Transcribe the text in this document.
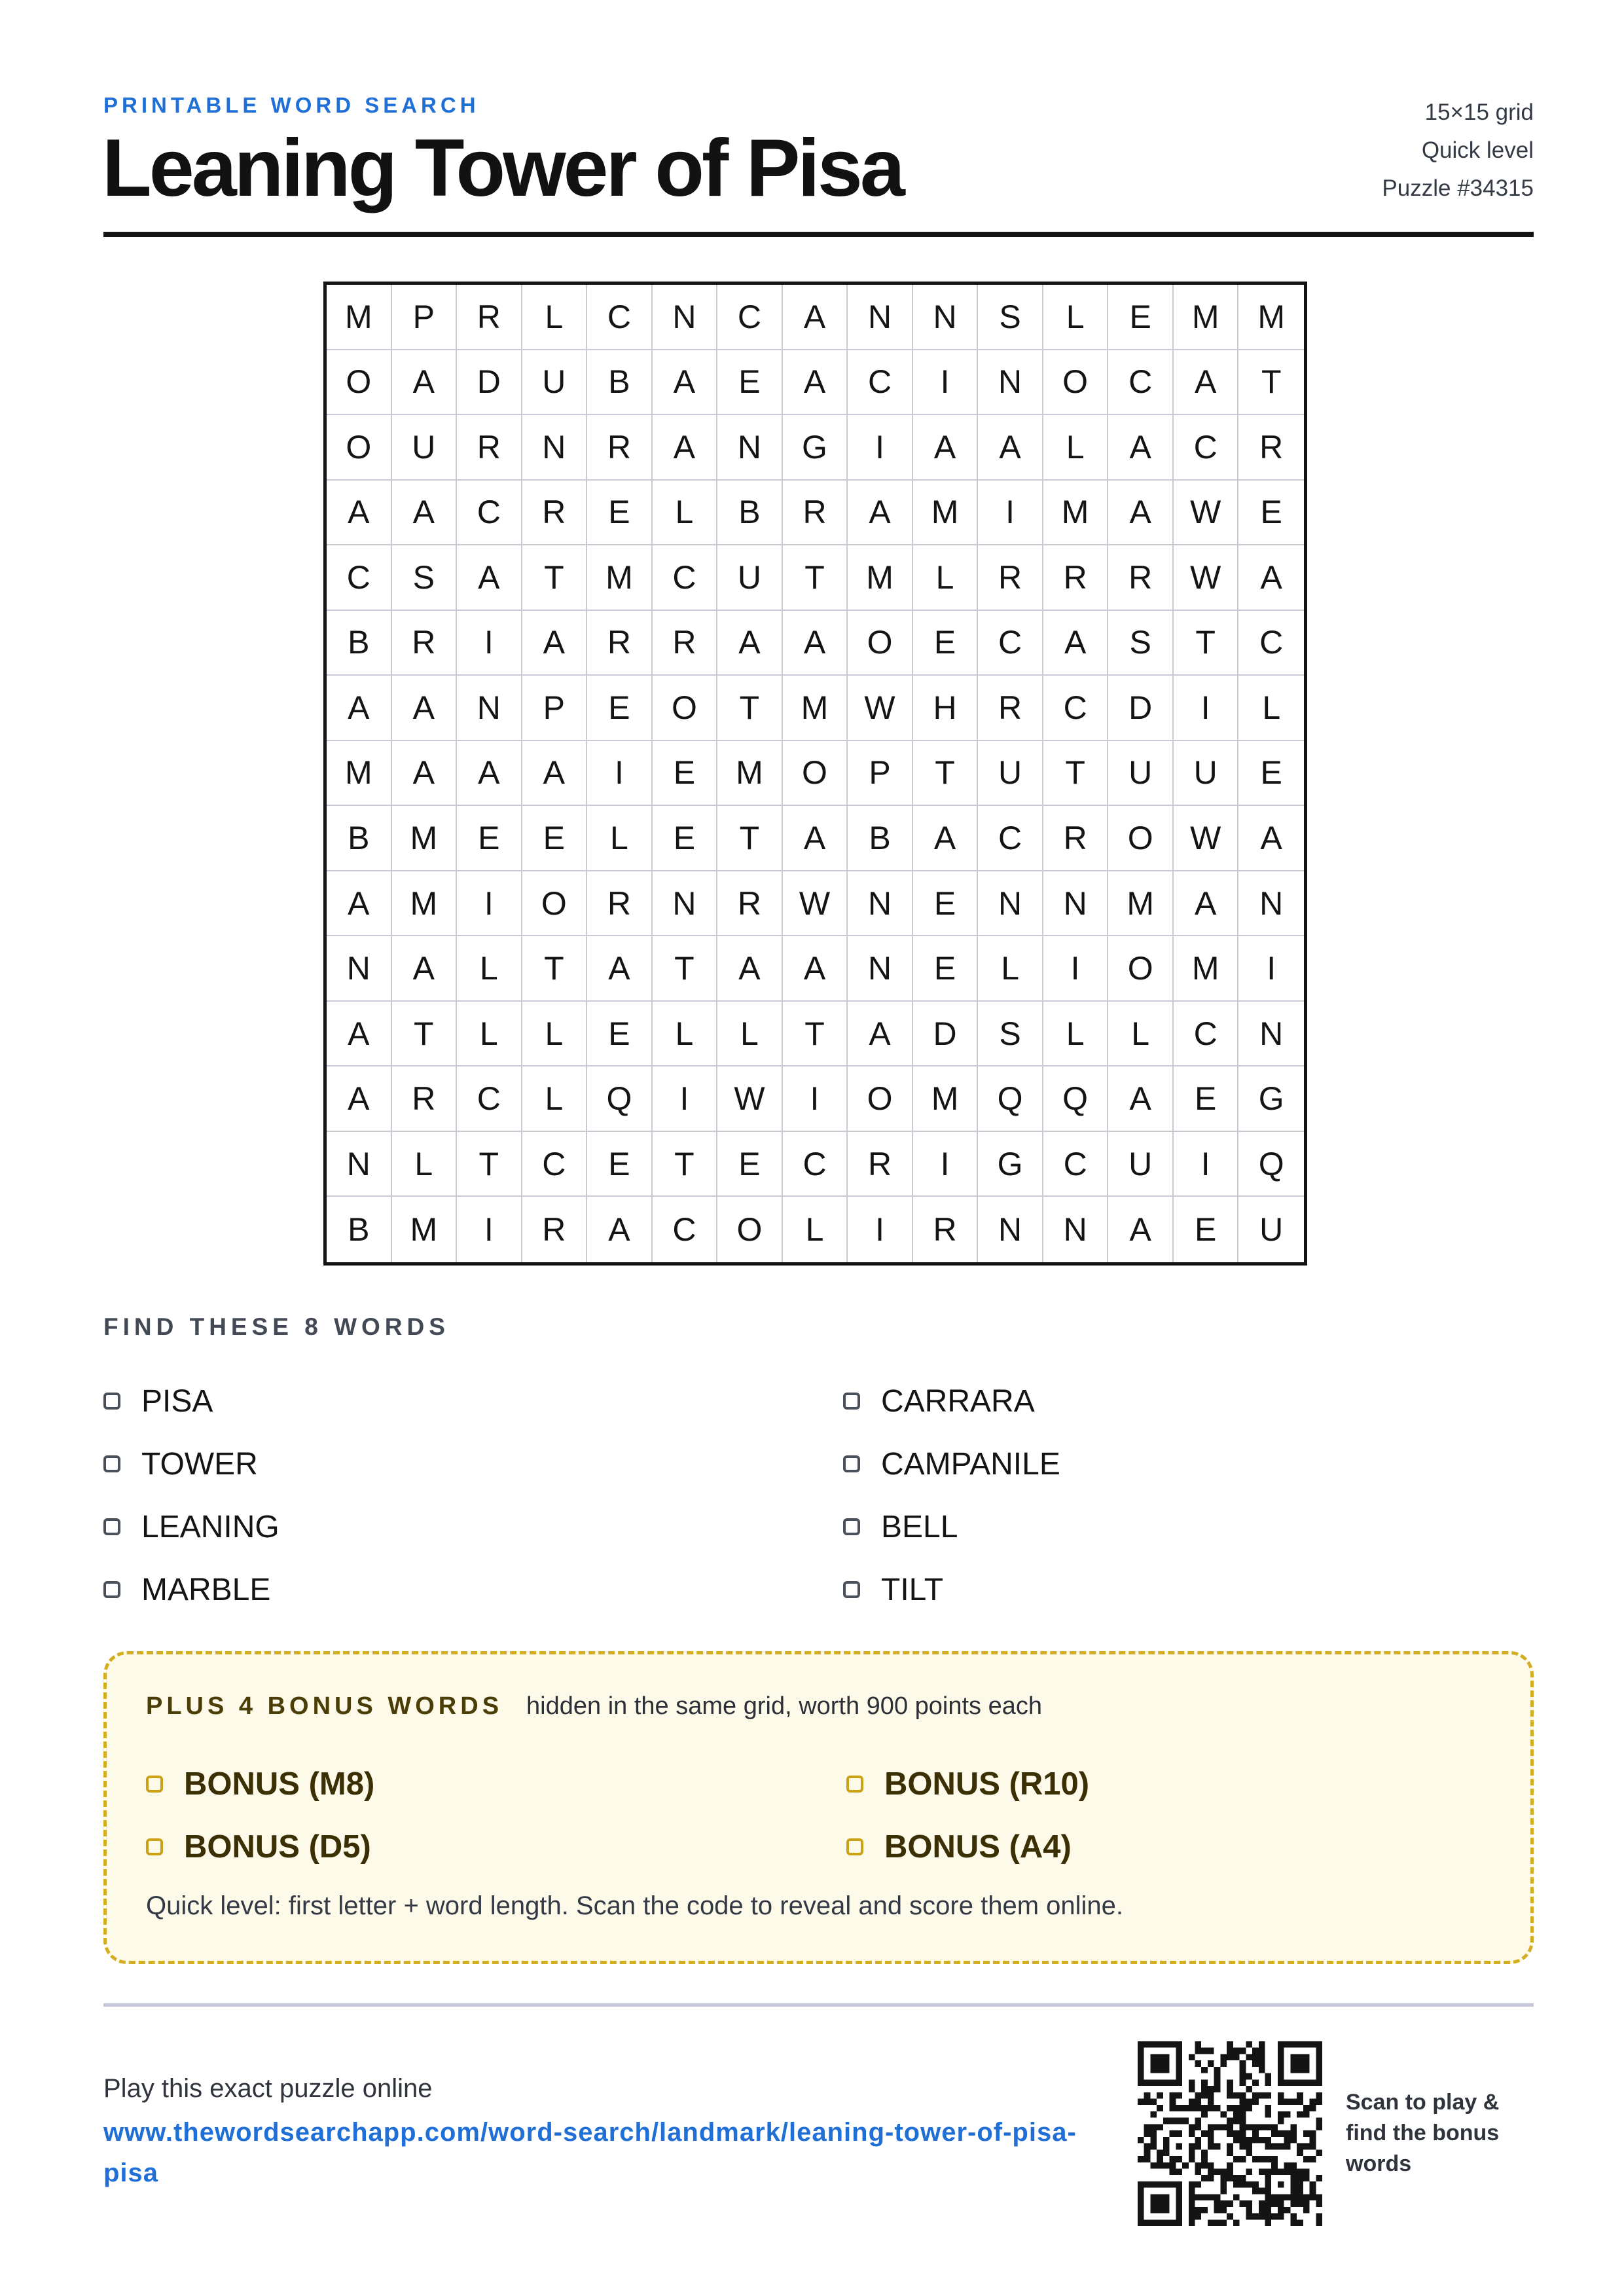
PRINTABLE WORD SEARCH
Leaning Tower of Pisa
15×15 grid
Quick level
Puzzle #34315
M	P	R	L	C	N	C	A	N	N	S	L	E	M	M
O	A	D	U	B	A	E	A	C	I	N	O	C	A	T
O	U	R	N	R	A	N	G	I	A	A	L	A	C	R
A	A	C	R	E	L	B	R	A	M	I	M	A	W	E
C	S	A	T	M	C	U	T	M	L	R	R	R	W	A
B	R	I	A	R	R	A	A	O	E	C	A	S	T	C
A	A	N	P	E	O	T	M	W	H	R	C	D	I	L
M	A	A	A	I	E	M	O	P	T	U	T	U	U	E
B	M	E	E	L	E	T	A	B	A	C	R	O	W	A
A	M	I	O	R	N	R	W	N	E	N	N	M	A	N
N	A	L	T	A	T	A	A	N	E	L	I	O	M	I
A	T	L	L	E	L	L	T	A	D	S	L	L	C	N
A	R	C	L	Q	I	W	I	O	M	Q	Q	A	E	G
N	L	T	C	E	T	E	C	R	I	G	C	U	I	Q
B	M	I	R	A	C	O	L	I	R	N	N	A	E	U
FIND THESE 8 WORDS
PISA	CARRARA
TOWER	CAMPANILE
LEANING	BELL
MARBLE	TILT
PLUS 4 BONUS WORDS hidden in the same grid, worth 900 points each
BONUS (M8)	BONUS (R10)
BONUS (D5)	BONUS (A4)
Quick level: first letter + word length. Scan the code to reveal and score them online.
Play this exact puzzle online
www.thewordsearchapp.com/word-search/landmark/leaning-tower-of-pisa-pisa
Scan to play & find the bonus words
